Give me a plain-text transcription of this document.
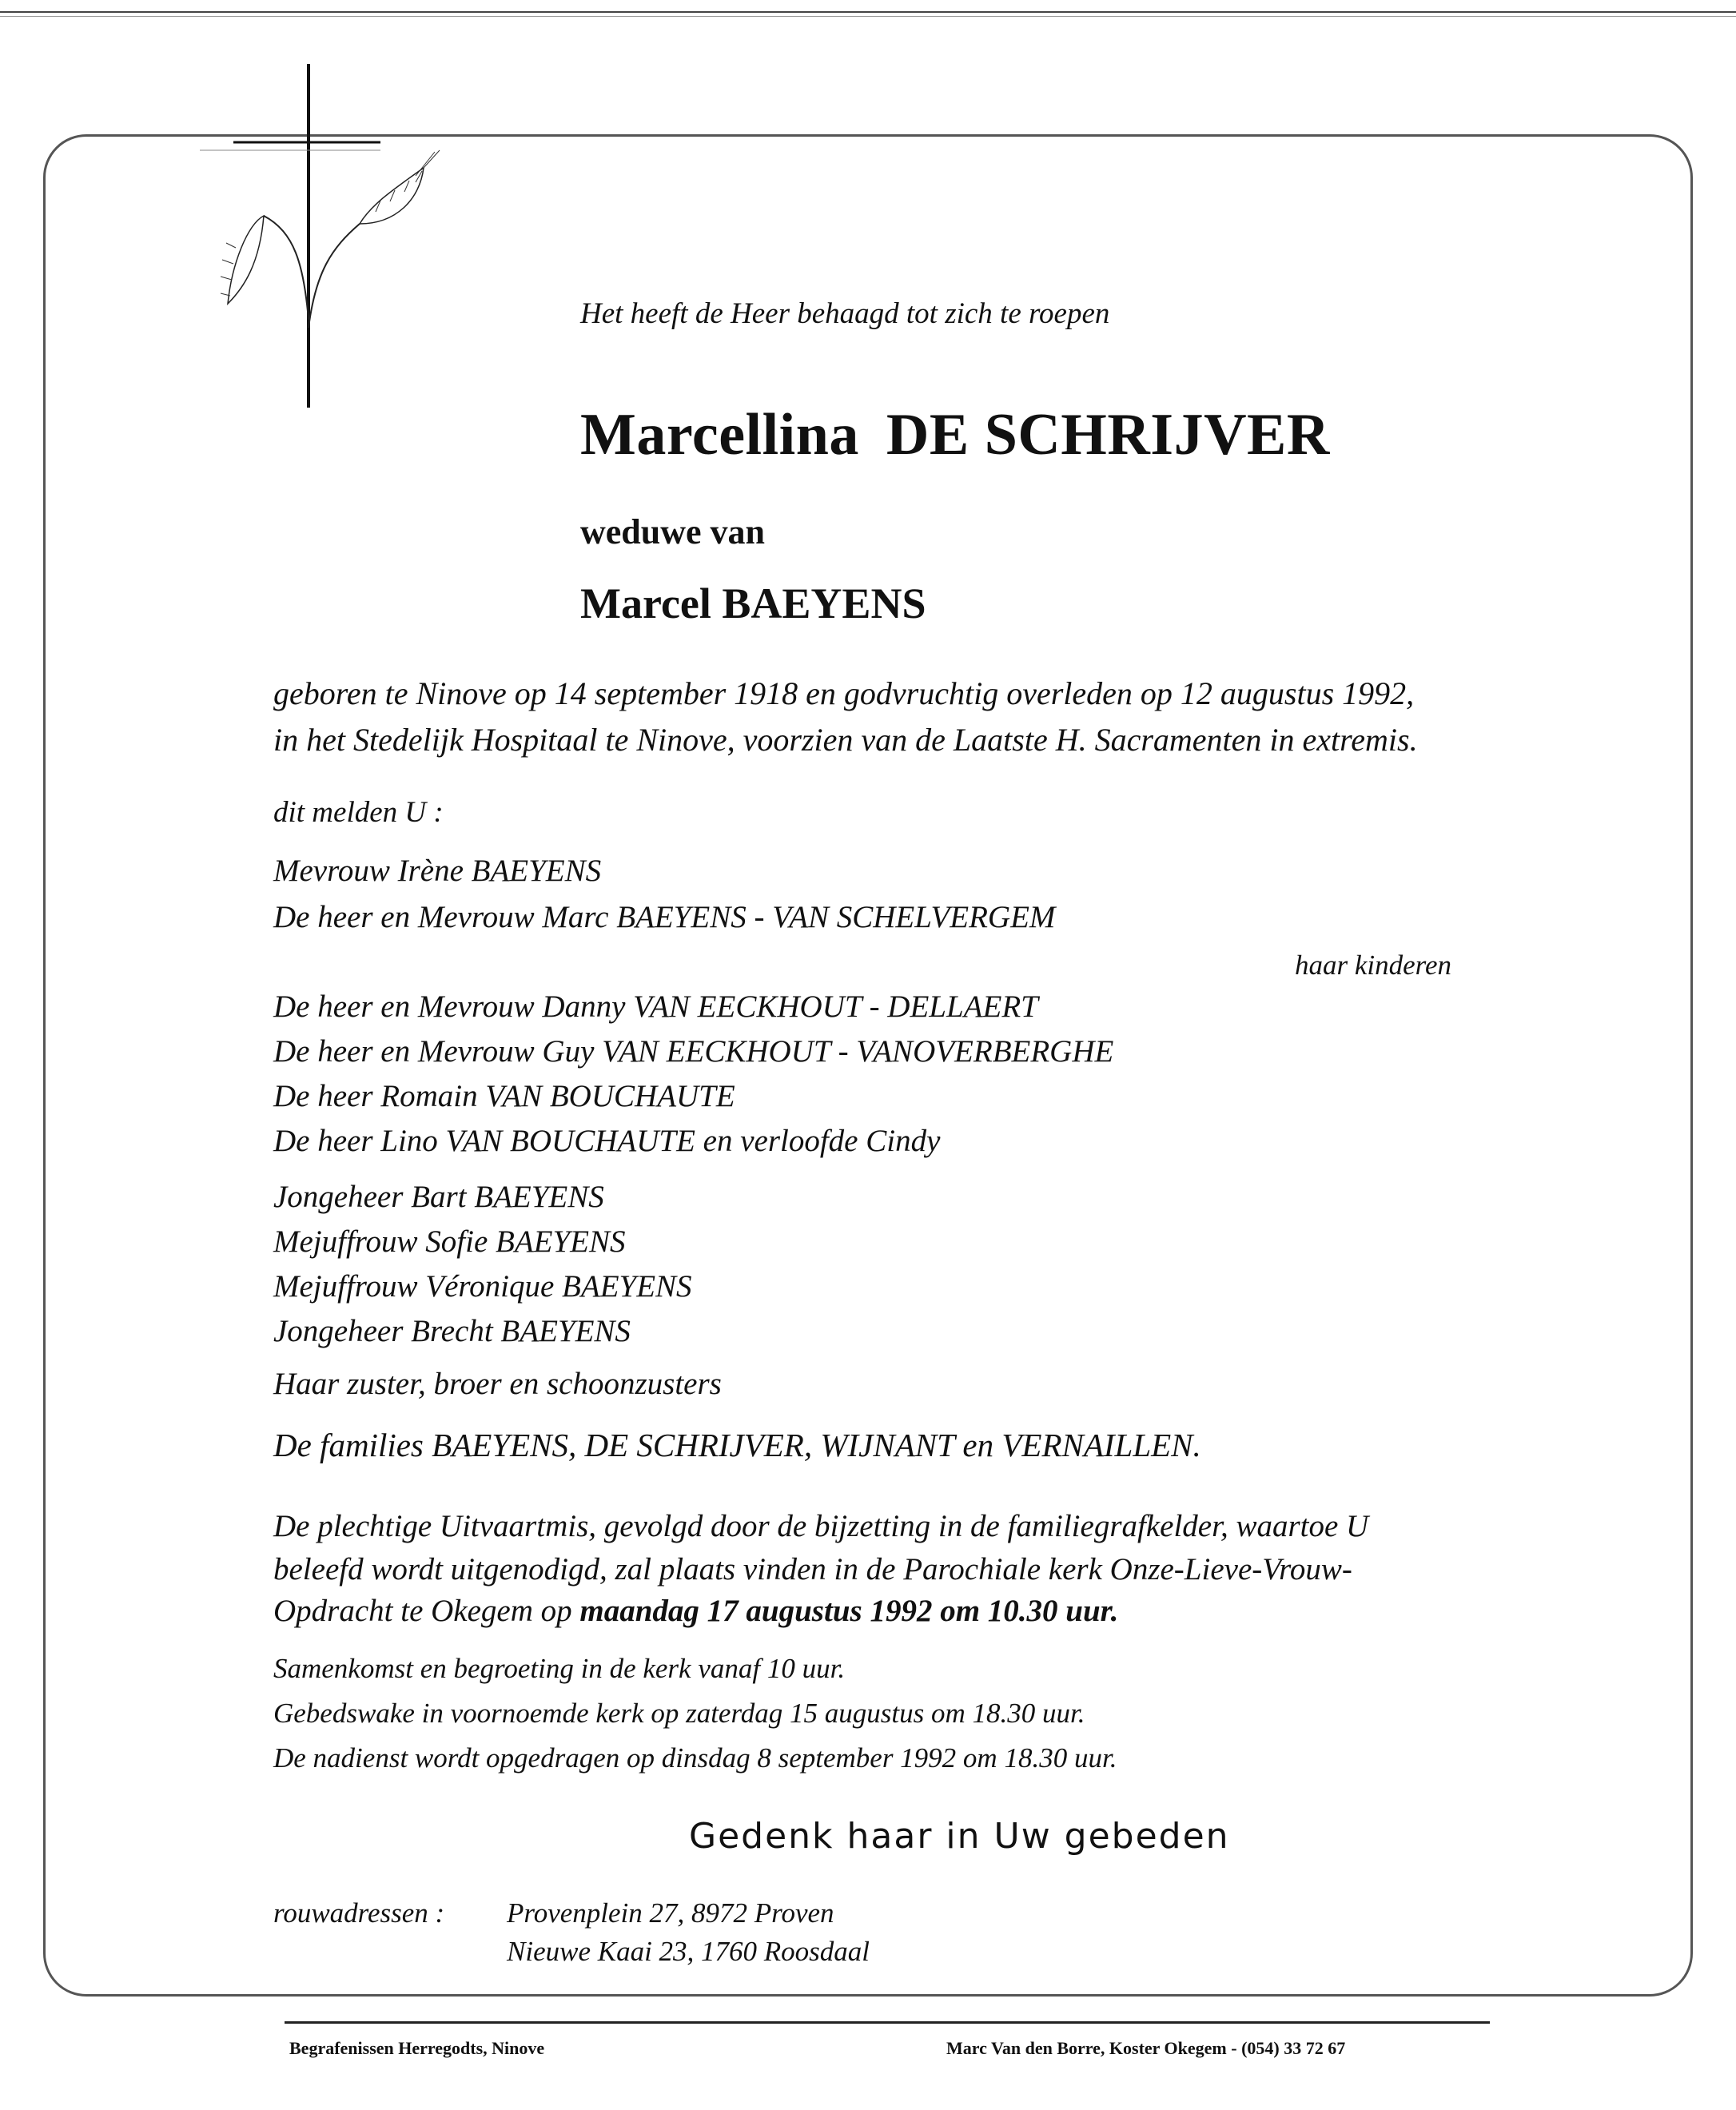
Het heeft de Heer behaagd tot zich te roepen
Marcellina DE SCHRIJVER
weduwe van
Marcel BAEYENS
geboren te Ninove op 14 september 1918 en godvruchtig overleden op 12 augustus 1992,
in het Stedelijk Hospitaal te Ninove, voorzien van de Laatste H. Sacramenten in extremis.
dit melden U :
Mevrouw Irène BAEYENS
De heer en Mevrouw Marc BAEYENS - VAN SCHELVERGEM
haar kinderen
De heer en Mevrouw Danny VAN EECKHOUT - DELLAERT
De heer en Mevrouw Guy VAN EECKHOUT - VANOVERBERGHE
De heer Romain VAN BOUCHAUTE
De heer Lino VAN BOUCHAUTE en verloofde Cindy
Jongeheer Bart BAEYENS
Mejuffrouw Sofie BAEYENS
Mejuffrouw Véronique BAEYENS
Jongeheer Brecht BAEYENS
Haar zuster, broer en schoonzusters
De families BAEYENS, DE SCHRIJVER, WIJNANT en VERNAILLEN.
De plechtige Uitvaartmis, gevolgd door de bijzetting in de familiegrafkelder, waartoe U
beleefd wordt uitgenodigd, zal plaats vinden in de Parochiale kerk Onze-Lieve-Vrouw-
Opdracht te Okegem op maandag 17 augustus 1992 om 10.30 uur.
Samenkomst en begroeting in de kerk vanaf 10 uur.
Gebedswake in voornoemde kerk op zaterdag 15 augustus om 18.30 uur.
De nadienst wordt opgedragen op dinsdag 8 september 1992 om 18.30 uur.
Gedenk haar in Uw gebeden
rouwadressen : Provenplein 27, 8972 Proven
Nieuwe Kaai 23, 1760 Roosdaal
Begrafenissen Herregodts, Ninove	Marc Van den Borre, Koster Okegem - (054) 33 72 67
